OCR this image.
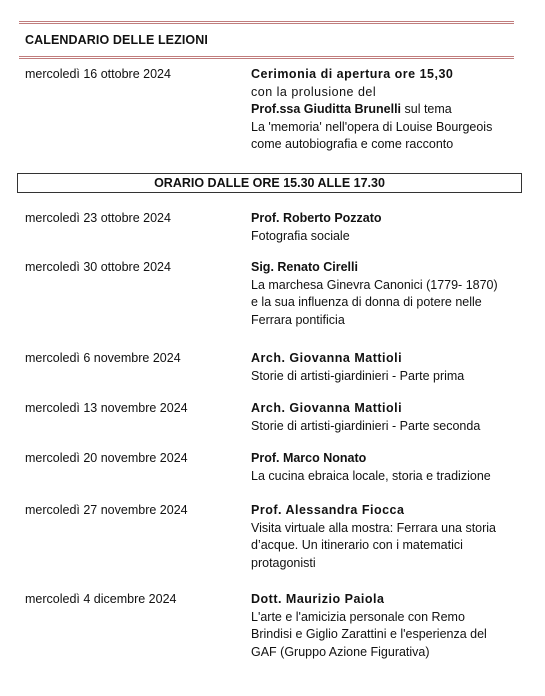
CALENDARIO DELLE LEZIONI
mercoledì 16 ottobre 2024	Cerimonia di apertura ore 15,30
con la prolusione del
Prof.ssa Giuditta Brunelli sul tema
La 'memoria' nell'opera di Louise Bourgeois
come autobiografia e come racconto
ORARIO DALLE ORE 15.30 ALLE 17.30
mercoledì 23 ottobre 2024	Prof. Roberto Pozzato
Fotografia sociale
mercoledì 30 ottobre 2024	Sig. Renato Cirelli
La marchesa Ginevra Canonici (1779- 1870)
e la sua influenza di donna di potere nelle
Ferrara pontificia
mercoledì 6 novembre 2024	Arch. Giovanna Mattioli
Storie di artisti-giardinieri - Parte prima
mercoledì 13 novembre 2024	Arch. Giovanna Mattioli
Storie di artisti-giardinieri - Parte seconda
mercoledì 20 novembre 2024	Prof. Marco Nonato
La cucina ebraica locale, storia e tradizione
mercoledì 27 novembre 2024	Prof. Alessandra Fiocca
Visita virtuale alla mostra: Ferrara una storia
d’acque. Un itinerario con i matematici
protagonisti
mercoledì 4 dicembre 2024	Dott. Maurizio Paiola
L'arte e l'amicizia personale con Remo
Brindisi e Giglio Zarattini e l'esperienza del
GAF (Gruppo Azione Figurativa)
